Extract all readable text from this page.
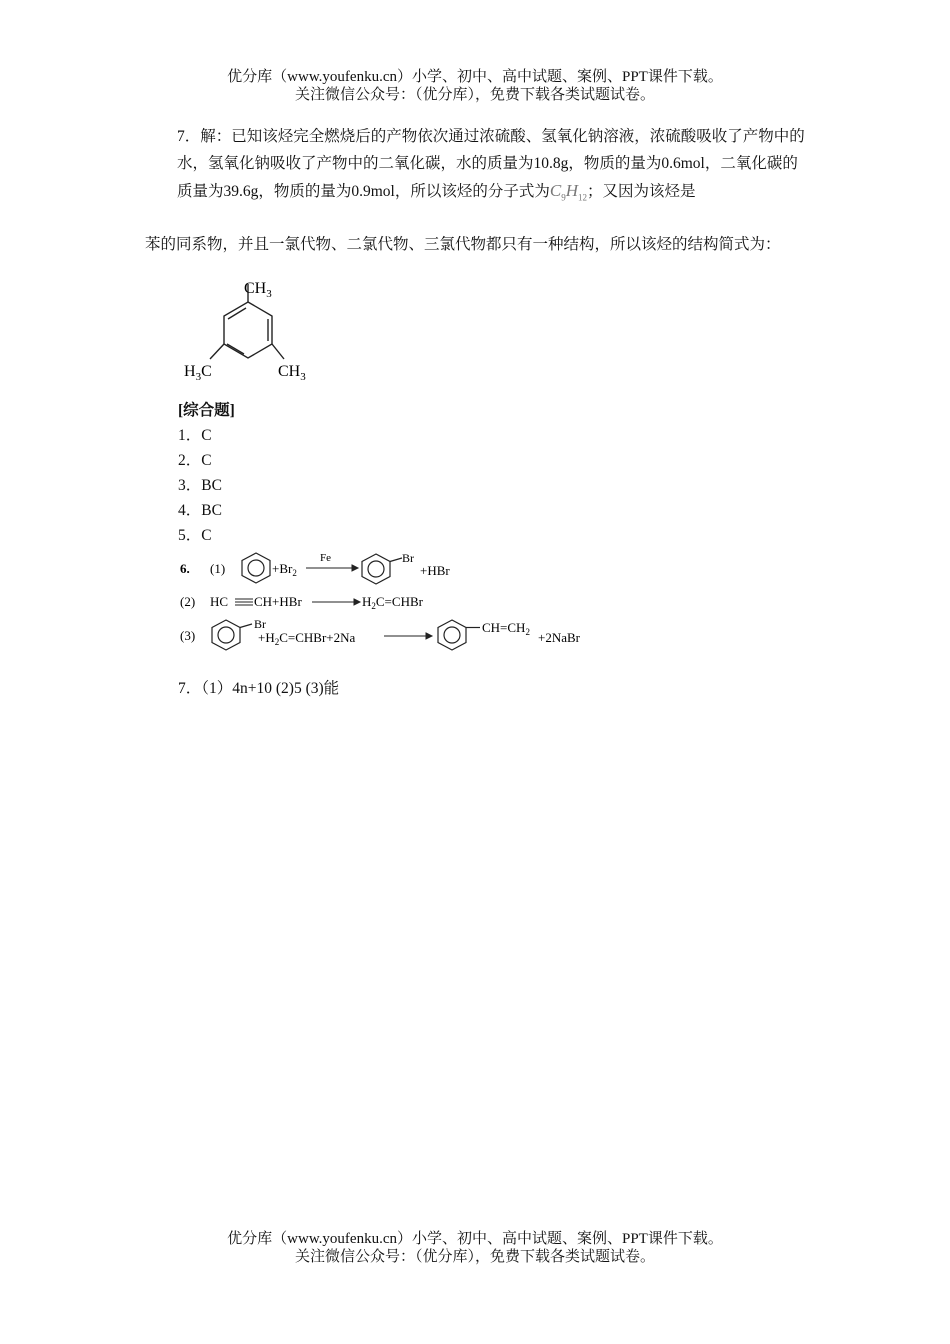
优分库（www.youfenku.cn）小学、初中、高中试题、案例、PPT课件下载。
关注微信公众号：（优分库），免费下载各类试题试卷。
7．解：已知该烃完全燃烧后的产物依次通过浓硫酸、氢氧化钠溶液，浓硫酸吸收了产物中的水，氢氧化钠吸收了产物中的二氧化碳，水的质量为10.8g，物质的量为0.6mol，二氧化碳的质量为39.6g，物质的量为0.9mol，所以该烃的分子式为$C_9H_{12}$；又因为该烃是
苯的同系物，并且一氯代物、二氯代物、三氯代物都只有一种结构，所以该烃的结构简式为：
$CH_3$
$H_3C$	$CH_3$
[综合题]
1．C
2．C
3．BC
4．BC
5．C
6. (1)	$+Br_2$
Fe	Br
+HBr
(2) HC CH+HBr	$H_2C=CHBr$
(3)
Br
$+H_2C=CHBr+2Na$
$CH=CH_2$ +2NaBr
7．（1）4n+10 (2)5 (3)能
优分库（www.youfenku.cn）小学、初中、高中试题、案例、PPT课件下载。
关注微信公众号：（优分库），免费下载各类试题试卷。
